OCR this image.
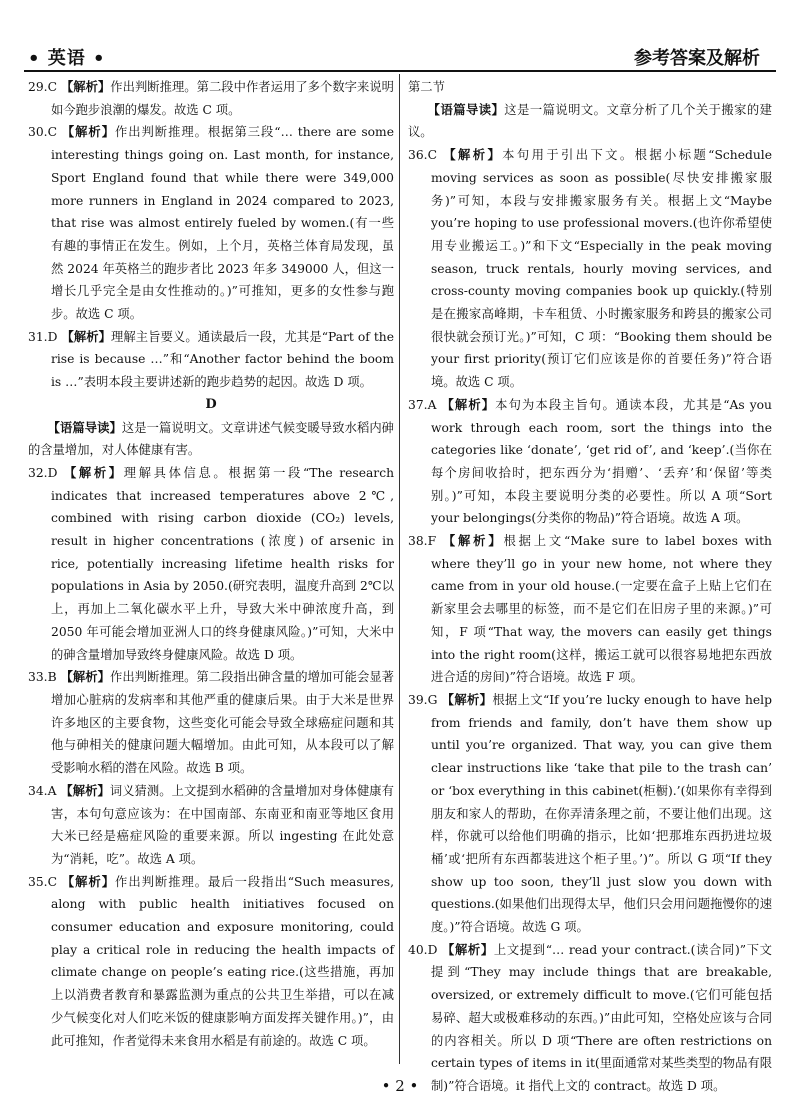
• 英语 •	参考答案及解析

29.C 【解析】作出判断推理。第二段中作者运用了多个数字来说明如今跑步浪潮的爆发。故选 C 项。

30.C 【解析】作出判断推理。根据第三段“… there are some interesting things going on. Last month, for instance, Sport England found that while there were 349,000 more runners in England in 2024 compared to 2023, that rise was almost entirely fueled by women.(有一些有趣的事情正在发生。例如，上个月，英格兰体育局发现，虽然 2024 年英格兰的跑步者比 2023 年多 349000 人，但这一增长几乎完全是由女性推动的。)”可推知，更多的女性参与跑步。故选 C 项。

31.D 【解析】理解主旨要义。通读最后一段，尤其是“Part of the rise is because …”和“Another factor behind the boom is …”表明本段主要讲述新的跑步趋势的起因。故选 D 项。

D

【语篇导读】这是一篇说明文。文章讲述气候变暖导致水稻内砷的含量增加，对人体健康有害。

32.D 【解析】理解具体信息。根据第一段“The research indicates that increased temperatures above 2℃, combined with rising carbon dioxide (CO₂) levels, result in higher concentrations (浓度) of arsenic in rice, potentially increasing lifetime health risks for populations in Asia by 2050.(研究表明，温度升高到 2℃以上，再加上二氧化碳水平上升，导致大米中砷浓度升高，到 2050 年可能会增加亚洲人口的终身健康风险。)”可知，大米中的砷含量增加导致终身健康风险。故选 D 项。

33.B 【解析】作出判断推理。第二段指出砷含量的增加可能会显著增加心脏病的发病率和其他严重的健康后果。由于大米是世界许多地区的主要食物，这些变化可能会导致全球癌症问题和其他与砷相关的健康问题大幅增加。由此可知，从本段可以了解受影响水稻的潜在风险。故选 B 项。

34.A 【解析】词义猜测。上文提到水稻砷的含量增加对身体健康有害，本句句意应该为：在中国南部、东南亚和南亚等地区食用大米已经是癌症风险的重要来源。所以 ingesting 在此处意为“消耗，吃”。故选 A 项。

35.C 【解析】作出判断推理。最后一段指出“Such measures, along with public health initiatives focused on consumer education and exposure monitoring, could play a critical role in reducing the health impacts of climate change on people’s eating rice.(这些措施，再加上以消费者教育和暴露监测为重点的公共卫生举措，可以在减少气候变化对人们吃米饭的健康影响方面发挥关键作用。)”，由此可推知，作者觉得未来食用水稻是有前途的。故选 C 项。

第二节

【语篇导读】这是一篇说明文。文章分析了几个关于搬家的建议。

36.C 【解析】本句用于引出下文。根据小标题“Schedule moving services as soon as possible(尽快安排搬家服务)”可知，本段与安排搬家服务有关。根据上文“Maybe you’re hoping to use professional movers.(也许你希望使用专业搬运工。)”和下文“Especially in the peak moving season, truck rentals, hourly moving services, and cross-county moving companies book up quickly.(特别是在搬家高峰期，卡车租赁、小时搬家服务和跨县的搬家公司很快就会预订光。)”可知，C 项：“Booking them should be your first priority(预订它们应该是你的首要任务)”符合语境。故选 C 项。

37.A 【解析】本句为本段主旨句。通读本段，尤其是“As you work through each room, sort the things into the categories like ‘donate’, ‘get rid of’, and ‘keep’.(当你在每个房间收拾时，把东西分为‘捐赠’、‘丢弃’和‘保留’等类别。)”可知，本段主要说明分类的必要性。所以 A 项“Sort your belongings(分类你的物品)”符合语境。故选 A 项。

38.F 【解析】根据上文“Make sure to label boxes with where they’ll go in your new home, not where they came from in your old house.(一定要在盒子上贴上它们在新家里会去哪里的标签，而不是它们在旧房子里的来源。)”可知，F 项“That way, the movers can easily get things into the right room(这样，搬运工就可以很容易地把东西放进合适的房间)”符合语境。故选 F 项。

39.G 【解析】根据上文“If you’re lucky enough to have help from friends and family, don’t have them show up until you’re organized. That way, you can give them clear instructions like ‘take that pile to the trash can’ or ‘box everything in this cabinet(柜橱).’(如果你有幸得到朋友和家人的帮助，在你弄清条理之前，不要让他们出现。这样，你就可以给他们明确的指示，比如‘把那堆东西扔进垃圾桶’或‘把所有东西都装进这个柜子里。’)”。所以 G 项“If they show up too soon, they’ll just slow you down with questions.(如果他们出现得太早，他们只会用问题拖慢你的速度。)”符合语境。故选 G 项。

40.D 【解析】上文提到“… read your contract.(读合同)”下文提到“They may include things that are breakable, oversized, or extremely difficult to move.(它们可能包括易碎、超大或极难移动的东西。)”由此可知，空格处应该与合同的内容相关。所以 D 项“There are often restrictions on certain types of items in it(里面通常对某些类型的物品有限制)”符合语境。it 指代上文的 contract。故选 D 项。

• 2 •
